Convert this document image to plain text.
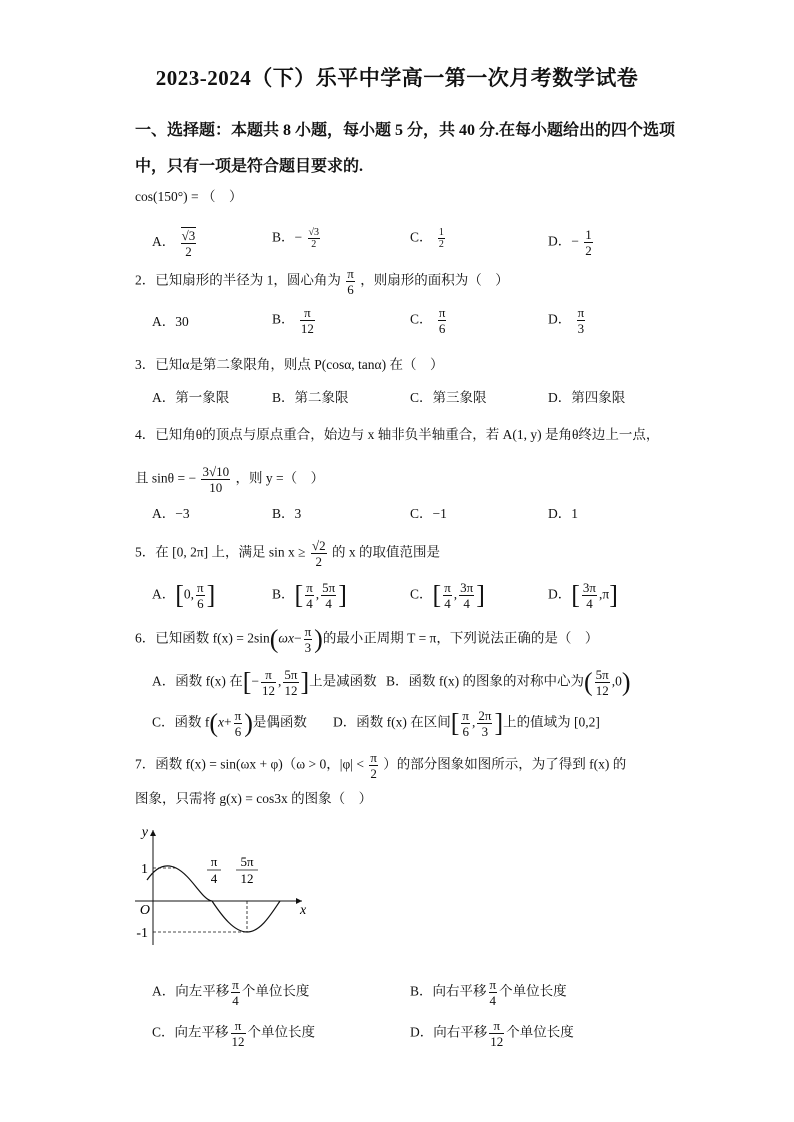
2023-2024（下）乐平中学高一第一次月考数学试卷
一、选择题：本题共 8 小题，每小题 5 分，共 40 分.在每小题给出的四个选项
中，只有一项是符合题目要求的.
cos(150°) = （　）
A． $\frac{√3}{2}$	B．− $\frac{√3}{2}$	C． $\frac{1}{2}$	D．− $\frac{1}{2}$
2．已知扇形的半径为 1，圆心角为 $\frac{\pi}{6}$ ，则扇形的面积为（　）
A．30	B． $\frac{\pi}{12}$	C． $\frac{\pi}{6}$	D． $\frac{\pi}{3}$
3．已知α是第二象限角，则点 P(cosα, tanα) 在（　）
A．第一象限	B．第二象限	C．第三象限	D．第四象限
4．已知角θ的顶点与原点重合，始边与 x 轴非负半轴重合，若 A(1, y) 是角θ终边上一点，
且 sinθ = − $\frac{3√10}{10}$ ，则 y =（　）
A．−3	B．3	C．−1	D．1
5．在 [0, 2π] 上，满足 $\sin x \ge \frac{√2}{2}$ 的 x 的取值范围是
A．[0, $\frac{\pi}{6}$ ]	B．[ $\frac{\pi}{4}$ , $\frac{5\pi}{4}$ ]	C．[ $\frac{\pi}{4}$ , $\frac{3\pi}{4}$ ]	D．[ $\frac{3\pi}{4} ,\pi$]
6．已知函数 $f(x) = 2\sin(\omega x- \frac{\pi}{3}$ )的最小正周期 T = π，下列说法正确的是（　）
A．函数 f(x) 在[− $\frac{\pi}{12}$ , $\frac{5\pi}{12}$ ]上是减函数 B．函数 f(x) 的图象的对称中心为( $\frac{5\pi}{12} ,0$)
C．函数 $f(x+ \frac{\pi}{6}$ )是偶函数 D．函数 f(x) 在区间[ $\frac{\pi}{6}$ , $\frac{2\pi}{3}$ ]上的值域为 [0,2]
7．函数 f(x) = sin(ωx + φ)（ω > 0，$|\varphi| < \frac{\pi}{2}$ ）的部分图象如图所示，为了得到 f(x) 的
图象，只需将 g(x) = cos3x 的图象（　）
y
x
O
1
-1
π
4
5π
12
A．向左平移 $\frac{\pi}{4}$ 个单位长度	B．向右平移 $\frac{\pi}{4}$ 个单位长度
C．向左平移 $\frac{\pi}{12}$ 个单位长度	D．向右平移 $\frac{\pi}{12}$ 个单位长度
